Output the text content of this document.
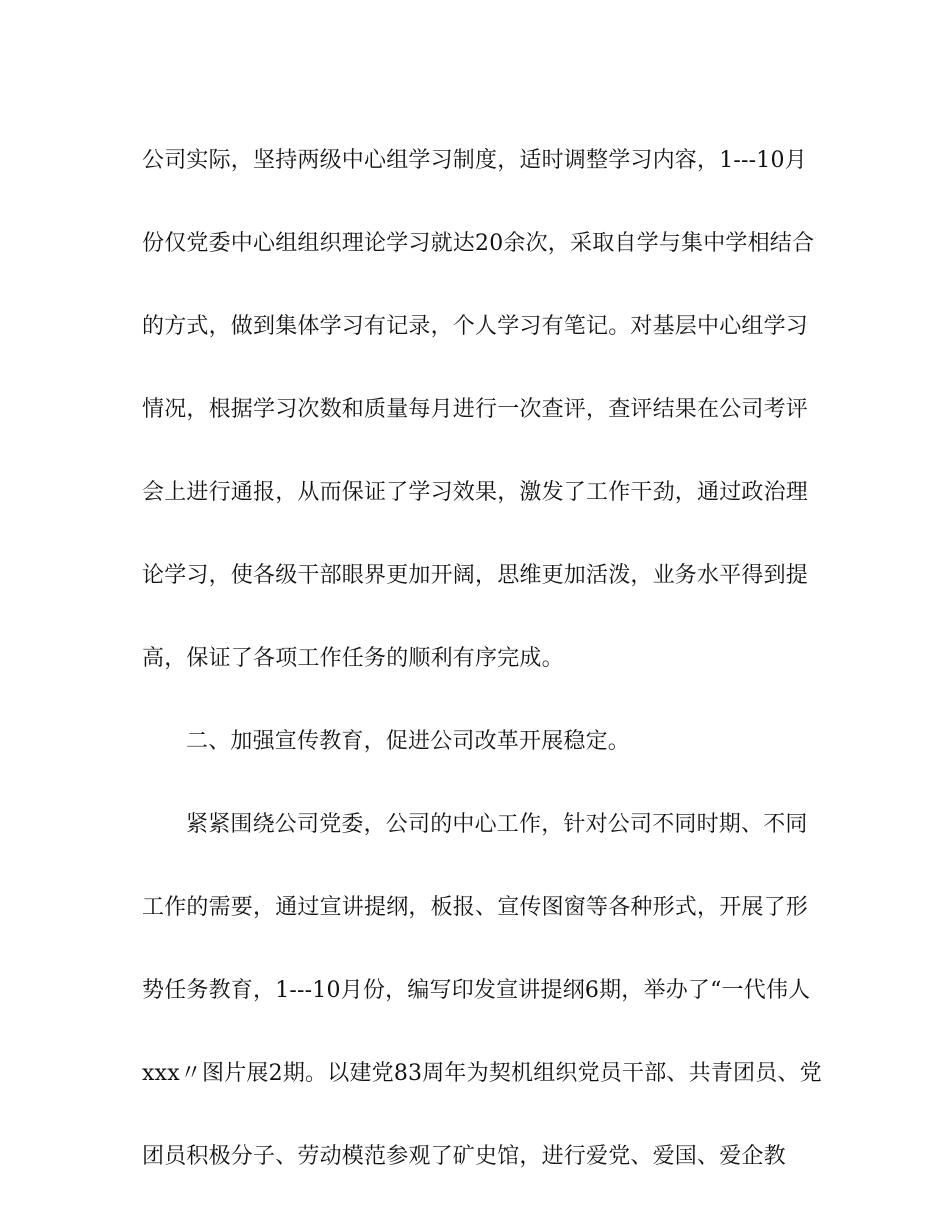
公司实际，坚持两级中心组学习制度，适时调整学习内容，1---10月
份仅党委中心组组织理论学习就达20余次，采取自学与集中学相结合
的方式，做到集体学习有记录，个人学习有笔记。对基层中心组学习
情况，根据学习次数和质量每月进行一次查评，查评结果在公司考评
会上进行通报，从而保证了学习效果，激发了工作干劲，通过政治理
论学习，使各级干部眼界更加开阔，思维更加活泼，业务水平得到提
高，保证了各项工作任务的顺利有序完成。
二、加强宣传教育，促进公司改革开展稳定。
紧紧围绕公司党委，公司的中心工作，针对公司不同时期、不同
工作的需要，通过宣讲提纲，板报、宣传图窗等各种形式，开展了形
势任务教育，1---10月份，编写印发宣讲提纲6期，举办了“一代伟人
xxx〃图片展2期。以建党83周年为契机组织党员干部、共青团员、党
团员积极分子、劳动模范参观了矿史馆，进行爱党、爱国、爱企教
